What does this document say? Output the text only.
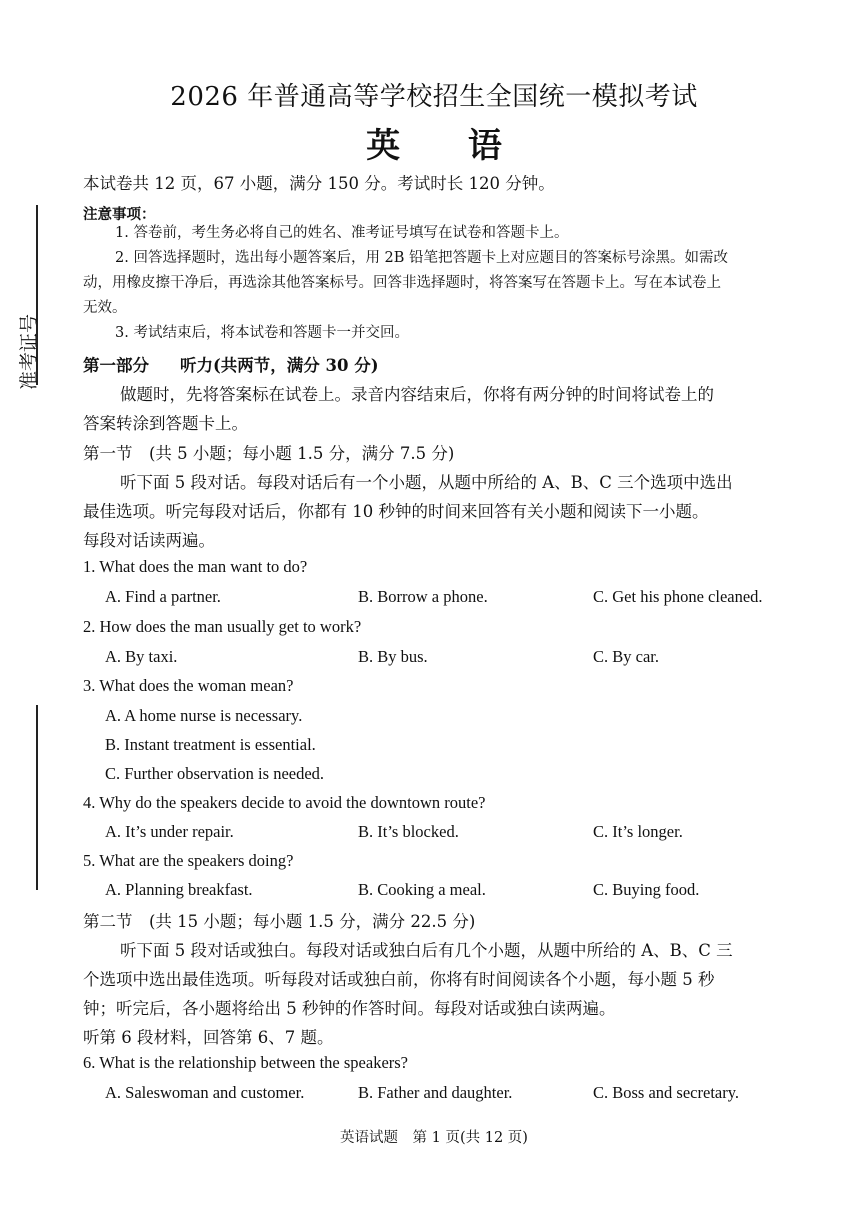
准考证号
2026 年普通高等学校招生全国统一模拟考试
英 语
本试卷共 12 页，67 小题，满分 150 分。考试时长 120 分钟。
注意事项：
1. 答卷前，考生务必将自己的姓名、准考证号填写在试卷和答题卡上。
2. 回答选择题时，选出每小题答案后，用 2B 铅笔把答题卡上对应题目的答案标号涂黑。如需改
动，用橡皮擦干净后，再选涂其他答案标号。回答非选择题时，将答案写在答题卡上。写在本试卷上
无效。
3. 考试结束后，将本试卷和答题卡一并交回。
第一部分 听力(共两节，满分 30 分)
做题时，先将答案标在试卷上。录音内容结束后，你将有两分钟的时间将试卷上的
答案转涂到答题卡上。
第一节　(共 5 小题；每小题 1.5 分，满分 7.5 分)
听下面 5 段对话。每段对话后有一个小题，从题中所给的 A、B、C 三个选项中选出
最佳选项。听完每段对话后，你都有 10 秒钟的时间来回答有关小题和阅读下一小题。
每段对话读两遍。
1. What does the man want to do?
A. Find a partner.	B. Borrow a phone.	C. Get his phone cleaned.
2. How does the man usually get to work?
A. By taxi.	B. By bus.	C. By car.
3. What does the woman mean?
A. A home nurse is necessary.
B. Instant treatment is essential.
C. Further observation is needed.
4. Why do the speakers decide to avoid the downtown route?
A. It’s under repair.	B. It’s blocked.	C. It’s longer.
5. What are the speakers doing?
A. Planning breakfast.	B. Cooking a meal.	C. Buying food.
第二节　(共 15 小题；每小题 1.5 分，满分 22.5 分)
听下面 5 段对话或独白。每段对话或独白后有几个小题，从题中所给的 A、B、C 三
个选项中选出最佳选项。听每段对话或独白前，你将有时间阅读各个小题，每小题 5 秒
钟；听完后，各小题将给出 5 秒钟的作答时间。每段对话或独白读两遍。
听第 6 段材料，回答第 6、7 题。
6. What is the relationship between the speakers?
A. Saleswoman and customer.	B. Father and daughter.	C. Boss and secretary.
英语试题　第 1 页(共 12 页)
